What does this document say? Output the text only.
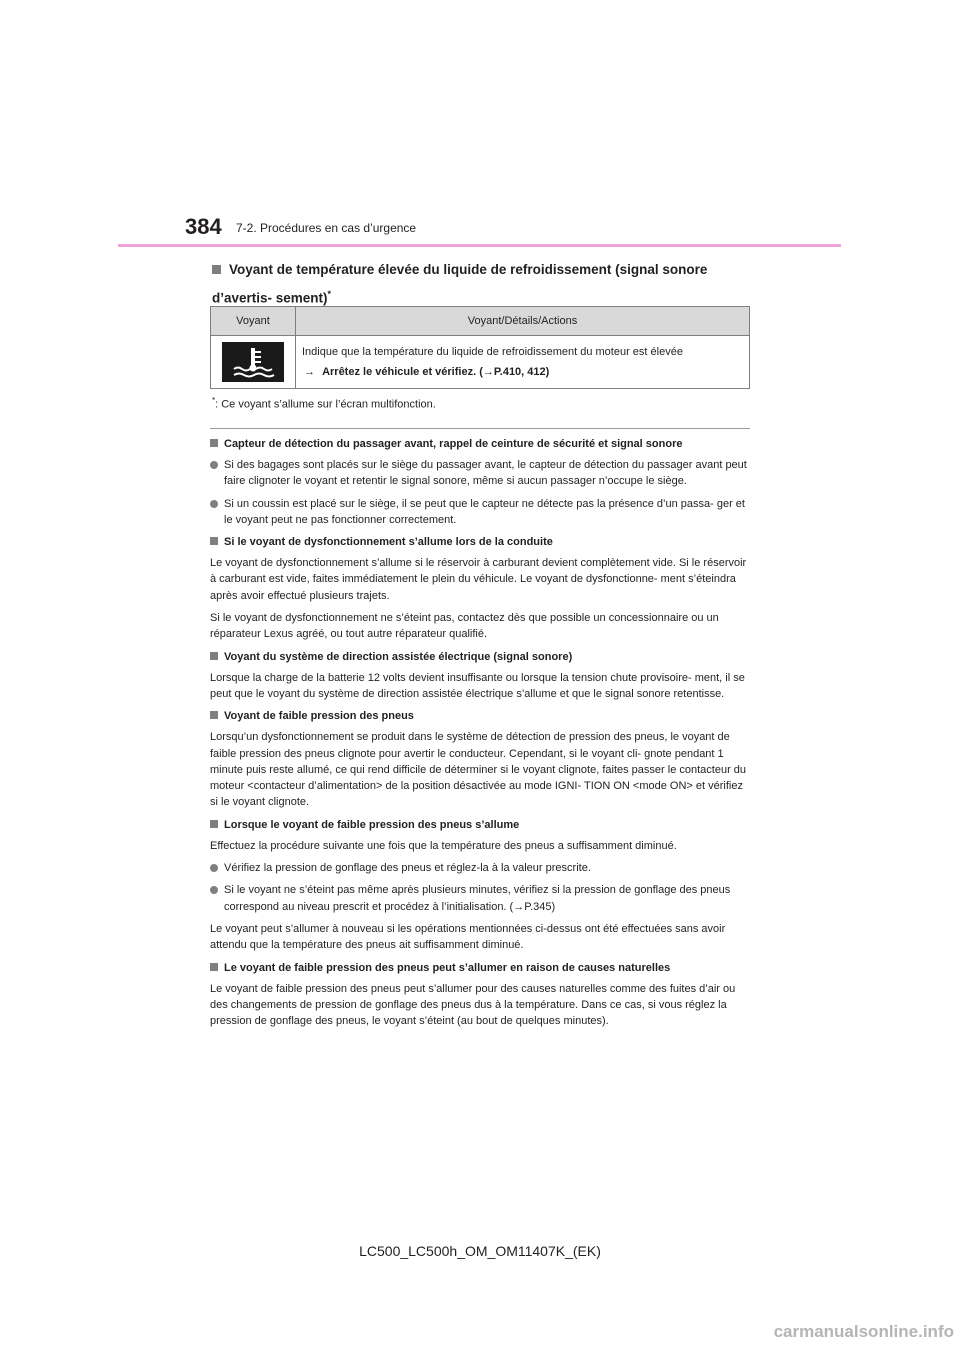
384 7-2. Procédures en cas d’urgence
Voyant de température élevée du liquide de refroidissement (signal sonore d’avertis- sement)*
Voyant	Voyant/Détails/Actions

Indique que la température du liquide de refroidissement du moteur est élevée
→ Arrêtez le véhicule et vérifiez. (→P.410, 412)
*: Ce voyant s’allume sur l’écran multifonction.
Capteur de détection du passager avant, rappel de ceinture de sécurité et signal sonore
Si des bagages sont placés sur le siège du passager avant, le capteur de détection du passager avant peut faire clignoter le voyant et retentir le signal sonore, même si aucun passager n’occupe le siège.
Si un coussin est placé sur le siège, il se peut que le capteur ne détecte pas la présence d’un passa- ger et le voyant peut ne pas fonctionner correctement.
Si le voyant de dysfonctionnement s’allume lors de la conduite

Le voyant de dysfonctionnement s’allume si le réservoir à carburant devient complètement vide. Si le réservoir à carburant est vide, faites immédiatement le plein du véhicule. Le voyant de dysfonctionne- ment s’éteindra après avoir effectué plusieurs trajets.

Si le voyant de dysfonctionnement ne s’éteint pas, contactez dès que possible un concessionnaire ou un réparateur Lexus agréé, ou tout autre réparateur qualifié.

Voyant du système de direction assistée électrique (signal sonore)

Lorsque la charge de la batterie 12 volts devient insuffisante ou lorsque la tension chute provisoire- ment, il se peut que le voyant du système de direction assistée électrique s’allume et que le signal sonore retentisse.

Voyant de faible pression des pneus

Lorsqu’un dysfonctionnement se produit dans le système de détection de pression des pneus, le voyant de faible pression des pneus clignote pour avertir le conducteur. Cependant, si le voyant cli- gnote pendant 1 minute puis reste allumé, ce qui rend difficile de déterminer si le voyant clignote, faites passer le contacteur du moteur <contacteur d’alimentation> de la position désactivée au mode IGNI- TION ON <mode ON> et vérifiez si le voyant clignote.

Lorsque le voyant de faible pression des pneus s’allume

Effectuez la procédure suivante une fois que la température des pneus a suffisamment diminué.

Vérifiez la pression de gonflage des pneus et réglez-la à la valeur prescrite.
Si le voyant ne s’éteint pas même après plusieurs minutes, vérifiez si la pression de gonflage des pneus correspond au niveau prescrit et procédez à l’initialisation. (→P.345)

Le voyant peut s’allumer à nouveau si les opérations mentionnées ci-dessus ont été effectuées sans avoir attendu que la température des pneus ait suffisamment diminué.

Le voyant de faible pression des pneus peut s’allumer en raison de causes naturelles

Le voyant de faible pression des pneus peut s’allumer pour des causes naturelles comme des fuites d’air ou des changements de pression de gonflage des pneus dus à la température. Dans ce cas, si vous réglez la pression de gonflage des pneus, le voyant s’éteint (au bout de quelques minutes).

LC500_LC500h_OM_OM11407K_(EK)
carmanualsonline.info
